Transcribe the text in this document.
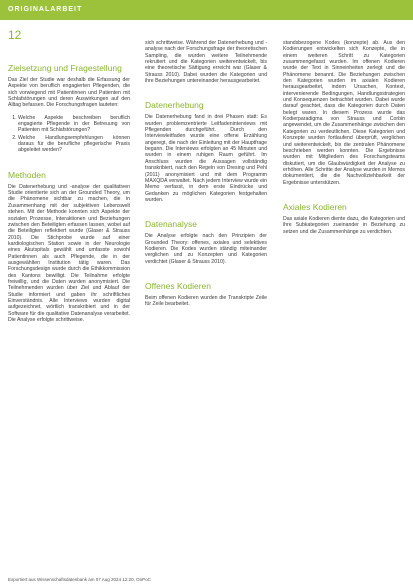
ORIGINALARBEIT
12
Zielsetzung und Fragestellung

Das Ziel der Studie war deshalb die Erfassung der Aspekte von beruflich engagierten Pflegenden, die sich vorwiegend mit Patientinnen und Patienten mit Schlafstörungen und deren Auswirkungen auf den Alltag befassen. Die Forschungsfragen lauteten:

1. Welche Aspekte beschreiben beruflich engagierte Pflegende in der Betreuung von Patienten mit Schlafstörungen?
2. Welche Handlungsempfehlungen können daraus für die berufliche pflegerische Praxis abgeleitet werden?
Methoden

Die Datenerhebung und -analyse der qualitativen Studie orientierte sich an der Grounded Theory, um die Phänomene sichtbar zu machen, die in Zusammenhang mit der subjektiven Lebenswelt stehen. Mit der Methode konnten sich Aspekte der sozialen Prozesse, Interaktionen und Beziehungen zwischen den Beteiligten erfassen lassen, wobei auf die Beteiligten reflektiert wurde (Glaser & Strauss 2010). Die Stichprobe wurde auf einer kardiologischen Station sowie in der Neurologie eines Akutspitals gewählt und umfasste sowohl Patientinnen als auch Pflegende, die in der ausgewählten Institution tätig waren. Das Forschungsdesign wurde durch die Ethikkommission des Kantons bewilligt. Die Teilnahme erfolgte freiwillig, und die Daten wurden anonymisiert. Die Teilnehmenden wurden über Ziel und Ablauf der Studie informiert und gaben ihr schriftliches Einverständnis. Alle Interviews wurden digital aufgezeichnet, wörtlich transkribiert und in der Software für die qualitative Datenanalyse verarbeitet. Die Analyse erfolgte schrittweise.

sich schrittweise. Während der Datenerhebung und -analyse nach der Forschungsfrage der theoretischen Sampling, die wurden weitere Teilnehmende rekrutiert und die Kategorien weiterentwickelt, bis eine theoretische Sättigung erreicht war (Glaser & Strauss 2010). Dabei wurden die Kategorien und ihre Beziehungen untereinander herausgearbeitet.

Datenerhebung

Die Datenerhebung fand in drei Phasen statt: Es wurden problemzentrierte Leitfadeninterviews mit Pflegenden durchgeführt. Durch den Interviewleitfaden wurde eine offene Erzählung angeregt, die nach der Einleitung mit der Hauptfrage begann. Die Interviews erfolgten an 45 Minuten und wurden in einem ruhigen Raum geführt. Im Anschluss wurden die Aussagen vollständig transkribiert, nach den Regeln von Dresing und Pehl (2011) anonymisiert und mit dem Programm MAXQDA verwaltet. Nach jedem Interview wurde ein Memo verfasst, in dem erste Eindrücke und Gedanken zu möglichen Kategorien festgehalten wurden.

Datenanalyse

Die Analyse erfolgte nach den Prinzipien der Grounded Theory: offenes, axiales und selektives Kodieren. Die Kodes wurden ständig miteinander verglichen und zu Konzepten und Kategorien verdichtet (Glaser & Strauss 2010).

Offenes Kodieren

Beim offenen Kodieren wurden die Transkripte Zeile für Zeile bearbeitet.

standsbezogene Kodes (konzepte) ab. Aus den Kodierungen entwickelten sich Konzepte, die in einem weiteren Schritt zu Kategorien zusammengefasst wurden. Im offenen Kodieren wurde der Text in Sinneinheiten zerlegt und die Phänomene benannt. Die Beziehungen zwischen den Kategorien wurden im axialen Kodieren herausgearbeitet, indem Ursachen, Kontext, intervenierende Bedingungen, Handlungsstrategien und Konsequenzen betrachtet wurden. Dabei wurde darauf geachtet, dass die Kategorien durch Daten belegt waren. In diesem Prozess wurde das Kodierparadigma von Strauss und Corbin angewendet, um die Zusammenhänge zwischen den Kategorien zu verdeutlichen. Diese Kategorien und Konzepte wurden fortlaufend überprüft, verglichen und weiterentwickelt, bis die zentralen Phänomene beschrieben werden konnten. Die Ergebnisse wurden mit Mitgliedern des Forschungsteams diskutiert, um die Glaubwürdigkeit der Analyse zu erhöhen. Alle Schritte der Analyse wurden in Memos dokumentiert, die die Nachvollziehbarkeit der Ergebnisse unterstützen.

Axiales Kodieren

Das axiale Kodieren diente dazu, die Kategorien und ihre Subkategorien zueinander in Beziehung zu setzen und die Zusammenhänge zu verdichten.

Exportiert aus Wissenschaftsdatenbank am 07 Aug 2024 12:20, OnPoC
